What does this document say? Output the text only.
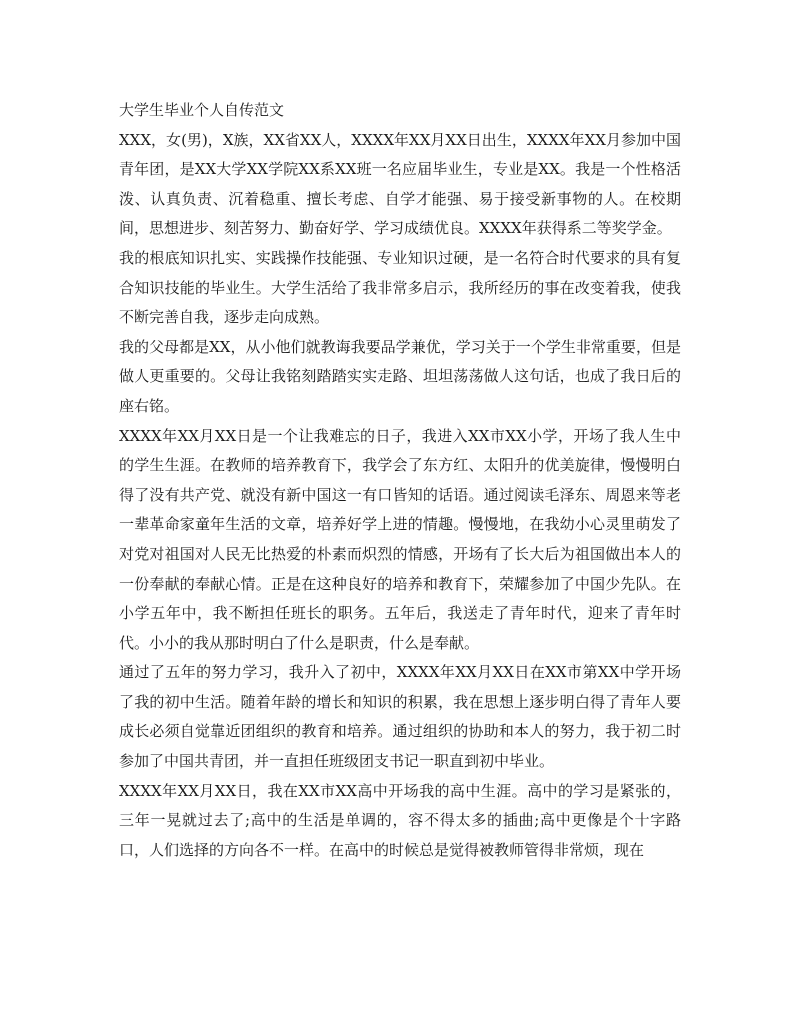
大学生毕业个人自传范文

XXX，女(男)，X族，XX省XX人，XXXX年XX月XX日出生，XXXX年XX月参加中国青年团，是XX大学XX学院XX系XX班一名应届毕业生，专业是XX。我是一个性格活泼、认真负责、沉着稳重、擅长考虑、自学才能强、易于接受新事物的人。在校期间，思想进步、刻苦努力、勤奋好学、学习成绩优良。XXXX年获得系二等奖学金。

我的根底知识扎实、实践操作技能强、专业知识过硬，是一名符合时代要求的具有复合知识技能的毕业生。大学生活给了我非常多启示，我所经历的事在改变着我，使我不断完善自我，逐步走向成熟。

我的父母都是XX，从小他们就教诲我要品学兼优，学习关于一个学生非常重要，但是做人更重要的。父母让我铭刻踏踏实实走路、坦坦荡荡做人这句话，也成了我日后的座右铭。

XXXX年XX月XX日是一个让我难忘的日子，我进入XX市XX小学，开场了我人生中的学生生涯。在教师的培养教育下，我学会了东方红、太阳升的优美旋律，慢慢明白得了没有共产党、就没有新中国这一有口皆知的话语。通过阅读毛泽东、周恩来等老一辈革命家童年生活的文章，培养好学上进的情趣。慢慢地，在我幼小心灵里萌发了对党对祖国对人民无比热爱的朴素而炽烈的情感，开场有了长大后为祖国做出本人的一份奉献的奉献心情。正是在这种良好的培养和教育下，荣耀参加了中国少先队。在小学五年中，我不断担任班长的职务。五年后，我送走了青年时代，迎来了青年时代。小小的我从那时明白了什么是职责，什么是奉献。

通过了五年的努力学习，我升入了初中，XXXX年XX月XX日在XX市第XX中学开场了我的初中生活。随着年龄的增长和知识的积累，我在思想上逐步明白得了青年人要成长必须自觉靠近团组织的教育和培养。通过组织的协助和本人的努力，我于初二时参加了中国共青团，并一直担任班级团支书记一职直到初中毕业。

XXXX年XX月XX日，我在XX市XX高中开场我的高中生涯。高中的学习是紧张的，三年一晃就过去了;高中的生活是单调的，容不得太多的插曲;高中更像是个十字路口，人们选择的方向各不一样。在高中的时候总是觉得被教师管得非常烦，现在
